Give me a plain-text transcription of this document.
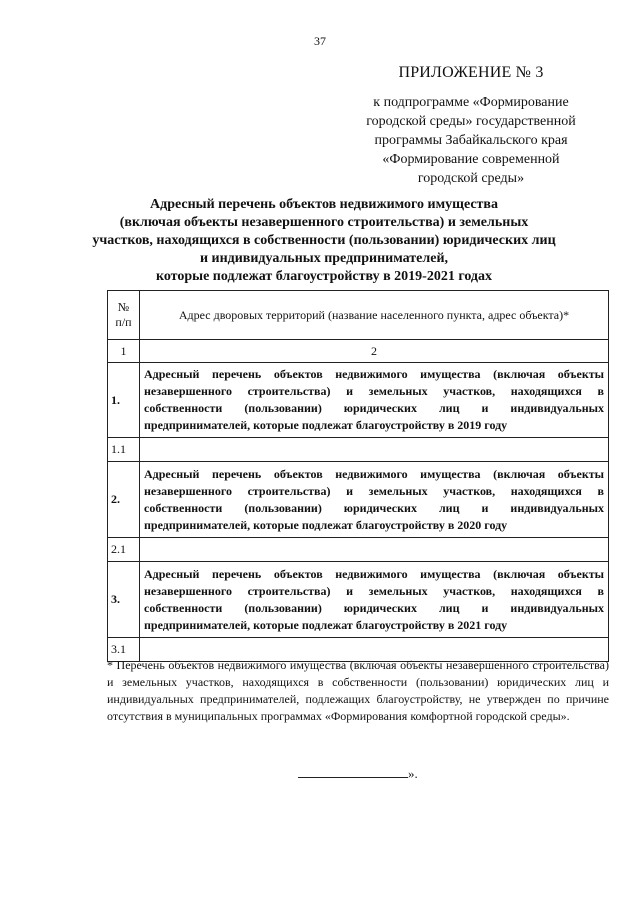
37
ПРИЛОЖЕНИЕ № 3
к подпрограмме «Формирование
городской среды» государственной
программы Забайкальского края
«Формирование современной
городской среды»
Адресный перечень объектов недвижимого имущества
(включая объекты незавершенного строительства) и земельных
участков, находящихся в собственности (пользовании) юридических лиц
и индивидуальных предпринимателей,
которые подлежат благоустройству в 2019-2021 годах
№
п/п	Адрес дворовых территорий (название населенного пункта, адрес объекта)*
1	2
1.	Адресный перечень объектов недвижимого имущества (включая объекты незавершенного строительства) и земельных участков, находящихся в собственности (пользовании) юридических лиц и индивидуальных предпринимателей, которые подлежат благоустройству в 2019 году
1.1	
2.	Адресный перечень объектов недвижимого имущества (включая объекты незавершенного строительства) и земельных участков, находящихся в собственности (пользовании) юридических лиц и индивидуальных предпринимателей, которые подлежат благоустройству в 2020 году
2.1	
3.	Адресный перечень объектов недвижимого имущества (включая объекты незавершенного строительства) и земельных участков, находящихся в собственности (пользовании) юридических лиц и индивидуальных предпринимателей, которые подлежат благоустройству в 2021 году
3.1	
* Перечень объектов недвижимого имущества (включая объекты незавершенного строительства) и земельных участков, находящихся в собственности (пользовании) юридических лиц и индивидуальных предпринимателей, подлежащих благоустройству, не утвержден по причине отсутствия в муниципальных программах «Формирования комфортной городской среды».
».
